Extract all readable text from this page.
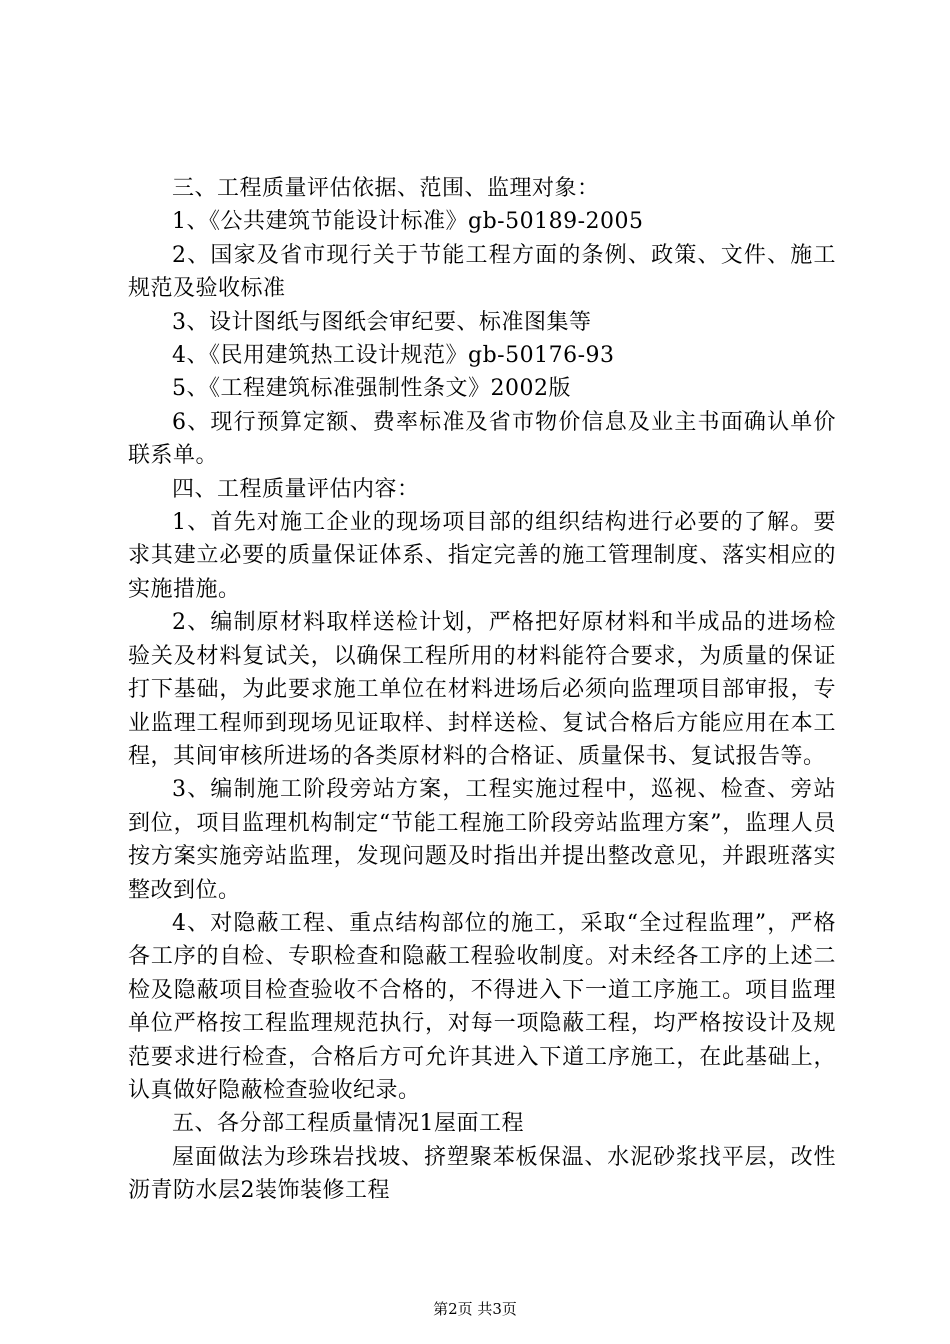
三、工程质量评估依据、范围、监理对象：

1、《公共建筑节能设计标准》gb-50189-2005

2、国家及省市现行关于节能工程方面的条例、政策、文件、施工规范及验收标准

3、设计图纸与图纸会审纪要、标准图集等

4、《民用建筑热工设计规范》gb-50176-93

5、《工程建筑标准强制性条文》2002版

6、现行预算定额、费率标准及省市物价信息及业主书面确认单价联系单。

四、工程质量评估内容：

1、首先对施工企业的现场项目部的组织结构进行必要的了解。要求其建立必要的质量保证体系、指定完善的施工管理制度、落实相应的实施措施。

2、编制原材料取样送检计划，严格把好原材料和半成品的进场检验关及材料复试关，以确保工程所用的材料能符合要求，为质量的保证打下基础，为此要求施工单位在材料进场后必须向监理项目部审报，专业监理工程师到现场见证取样、封样送检、复试合格后方能应用在本工程，其间审核所进场的各类原材料的合格证、质量保书、复试报告等。

3、编制施工阶段旁站方案，工程实施过程中，巡视、检查、旁站到位，项目监理机构制定“节能工程施工阶段旁站监理方案”，监理人员按方案实施旁站监理，发现问题及时指出并提出整改意见，并跟班落实整改到位。

4、对隐蔽工程、重点结构部位的施工，采取“全过程监理”，严格各工序的自检、专职检查和隐蔽工程验收制度。对未经各工序的上述二检及隐蔽项目检查验收不合格的，不得进入下一道工序施工。项目监理单位严格按工程监理规范执行，对每一项隐蔽工程，均严格按设计及规范要求进行检查，合格后方可允许其进入下道工序施工，在此基础上，认真做好隐蔽检查验收纪录。

五、各分部工程质量情况1屋面工程

屋面做法为珍珠岩找坡、挤塑聚苯板保温、水泥砂浆找平层，改性沥青防水层2装饰装修工程

第2页 共3页
